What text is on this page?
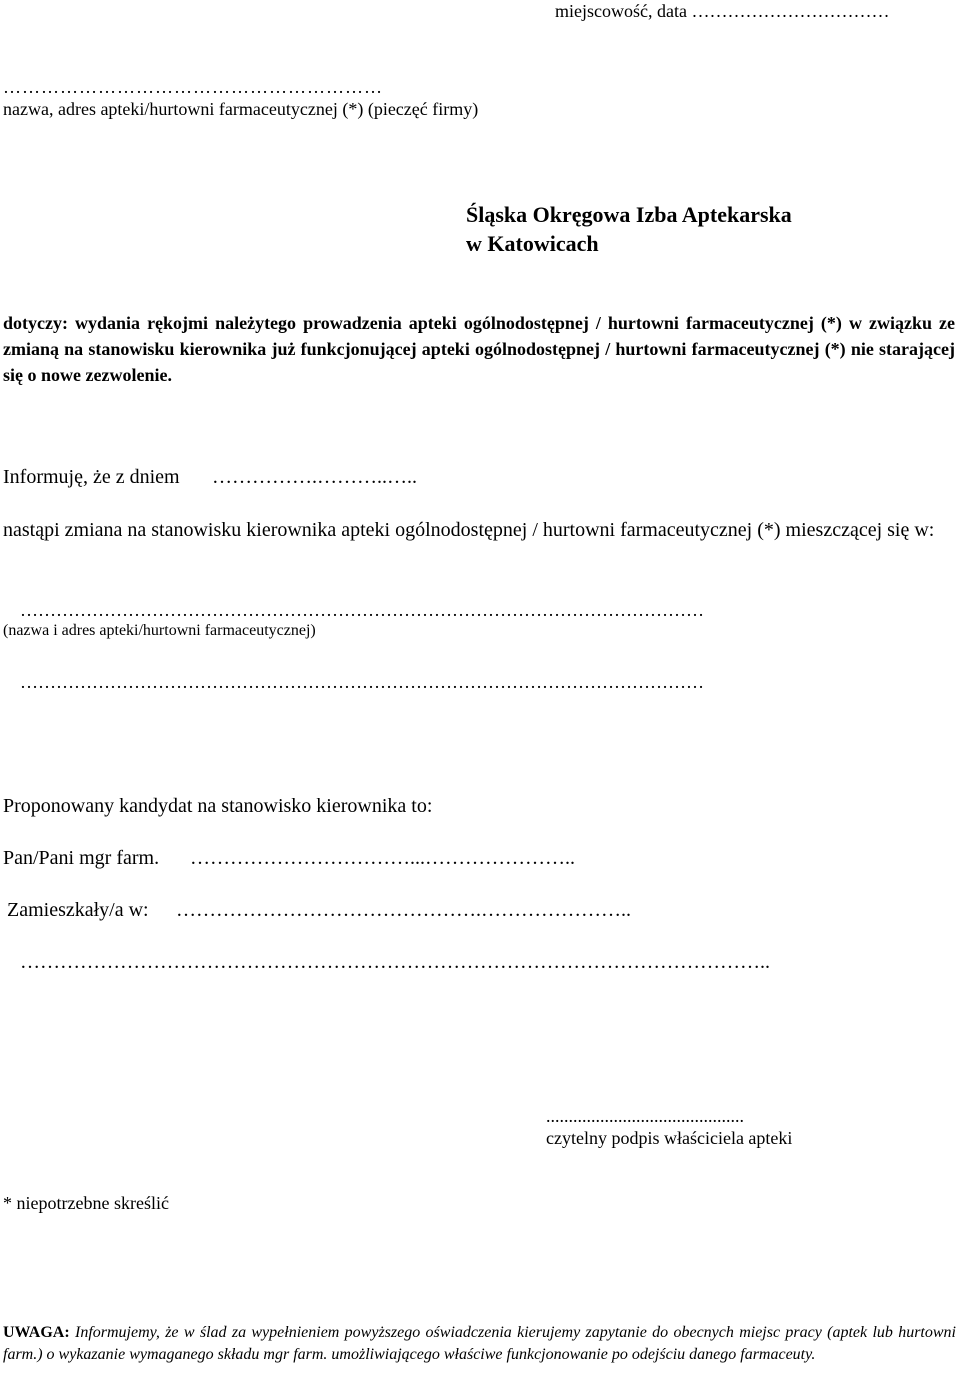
miejscowość, data ……………………………
……………………………………………………
nazwa, adres apteki/hurtowni farmaceutycznej (*) (pieczęć firmy)
Śląska Okręgowa Izba Aptekarska
w Katowicach
dotyczy: wydania rękojmi należytego prowadzenia apteki ogólnodostępnej / hurtowni farmaceutycznej (*) w związku ze zmianą na stanowisku kierownika już funkcjonującej apteki ogólnodostępnej / hurtowni farmaceutycznej (*) nie starającej się o nowe zezwolenie.
Informuję, że z dniem …………….………..…..
nastąpi zmiana na stanowisku kierownika apteki ogólnodostępnej / hurtowni farmaceutycznej (*) mieszczącej się w:
……………………………………………………………………………………………………
(nazwa i adres apteki/hurtowni farmaceutycznej)
……………………………………………………………………………………………………
Proponowany kandydat na stanowisko kierownika to:
Pan/Pani mgr farm. ……………………………...…………………..
Zamieszkały/a w: ……………………………………….…………………..
…………………………………………………………………………………………………..
............................................
czytelny podpis właściciela apteki
* niepotrzebne skreślić
UWAGA: Informujemy, że w ślad za wypełnieniem powyższego oświadczenia kierujemy zapytanie do obecnych miejsc pracy (aptek lub hurtowni farm.) o wykazanie wymaganego składu mgr farm. umożliwiającego właściwe funkcjonowanie po odejściu danego farmaceuty.
